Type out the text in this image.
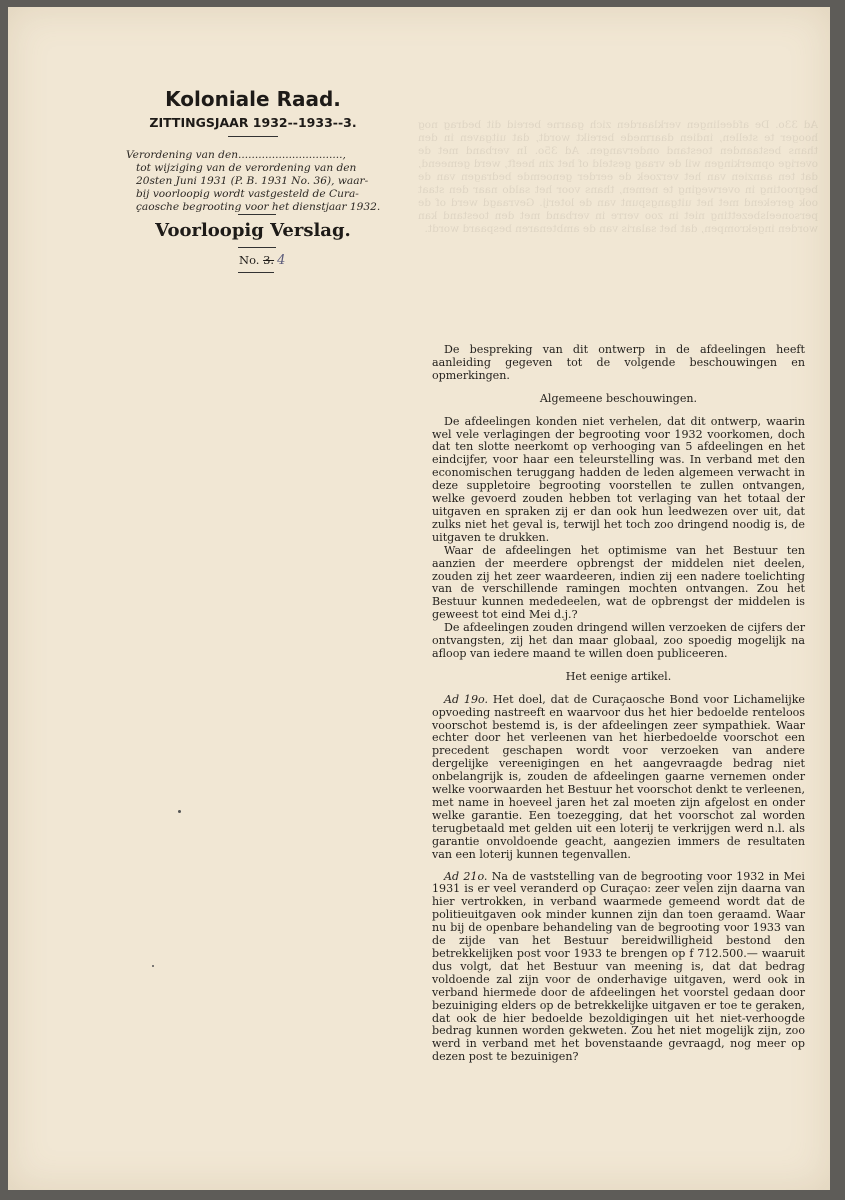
Ad 33o. De afdeelingen verklaarden zich gaarne bereid dit bedrag nog hooger te stellen, indien daarmede bereikt wordt, dat uitgaven in den thans bestaanden toestand ondervangen. Ad 35o. In verband met de overige opmerkingen wil de vraag gesteld of het zin heeft, werd gemeend, dat ten aanzien van het verzoek de eerder genoemde bedragen van de begrooting in overweging te nemen, thans voor het saldo naar den staat ook gerekend met het uitgangspunt van de loterij. Gevraagd werd of de personeelsbezetting niet in zoo verre in verband met den toestand kan worden ingekrompen, dat het salaris van de ambtenaren bespaard wordt.
Koloniale Raad.
ZITTINGSJAAR 1932--1933--3.
Verordening van den...............................,
tot wijziging van de verordening van den
20sten Juni 1931 (P. B. 1931 No. 36), waar-
bij voorloopig wordt vastgesteld de Cura-
çaosche begrooting voor het dienstjaar 1932.
Voorloopig Verslag.
No. 3. 4

De bespreking van dit ontwerp in de afdeelingen heeft aanleiding gegeven tot de volgende beschouwingen en opmerkingen.

Algemeene beschouwingen.

De afdeelingen konden niet verhelen, dat dit ontwerp, waarin wel vele verlagingen der begrooting voor 1932 voorkomen, doch dat ten slotte neerkomt op verhooging van 5 afdeelingen en het eindcijfer, voor haar een teleurstelling was. In verband met den economischen teruggang hadden de leden algemeen verwacht in deze suppletoire begrooting voorstellen te zullen ontvangen, welke gevoerd zouden hebben tot verlaging van het totaal der uitgaven en spraken zij er dan ook hun leedwezen over uit, dat zulks niet het geval is, terwijl het toch zoo dringend noodig is, de uitgaven te drukken.

Waar de afdeelingen het optimisme van het Bestuur ten aanzien der meerdere opbrengst der middelen niet deelen, zouden zij het zeer waardeeren, indien zij een nadere toelichting van de verschillende ramingen mochten ontvangen. Zou het Bestuur kunnen mededeelen, wat de opbrengst der middelen is geweest tot eind Mei d.j.?

De afdeelingen zouden dringend willen verzoeken de cijfers der ontvangsten, zij het dan maar globaal, zoo spoedig mogelijk na afloop van iedere maand te willen doen publiceeren.

Het eenige artikel.

Ad 19o. Het doel, dat de Curaçaosche Bond voor Lichamelijke opvoeding nastreeft en waarvoor dus het hier bedoelde renteloos voorschot bestemd is, is der afdeelingen zeer sympathiek. Waar echter door het verleenen van het hierbedoelde voorschot een precedent geschapen wordt voor verzoeken van andere dergelijke vereenigingen en het aangevraagde bedrag niet onbelangrijk is, zouden de afdeelingen gaarne vernemen onder welke voorwaarden het Bestuur het voorschot denkt te verleenen, met name in hoeveel jaren het zal moeten zijn afgelost en onder welke garantie. Een toezegging, dat het voorschot zal worden terugbetaald met gelden uit een loterij te verkrijgen werd n.l. als garantie onvoldoende geacht, aangezien immers de resultaten van een loterij kunnen tegenvallen.

Ad 21o. Na de vaststelling van de begrooting voor 1932 in Mei 1931 is er veel veranderd op Curaçao: zeer velen zijn daarna van hier vertrokken, in verband waarmede gemeend wordt dat de politieuitgaven ook minder kunnen zijn dan toen geraamd. Waar nu bij de openbare behandeling van de begrooting voor 1933 van de zijde van het Bestuur bereidwilligheid bestond den betrekkelijken post voor 1933 te brengen op f 712.500.— waaruit dus volgt, dat het Bestuur van meening is, dat dat bedrag voldoende zal zijn voor de onderhavige uitgaven, werd ook in verband hiermede door de afdeelingen het voorstel gedaan door bezuiniging elders op de betrekkelijke uitgaven er toe te geraken, dat ook de hier bedoelde bezoldigingen uit het niet-verhoogde bedrag kunnen worden gekweten. Zou het niet mogelijk zijn, zoo werd in verband met het bovenstaande gevraagd, nog meer op dezen post te bezuinigen?
